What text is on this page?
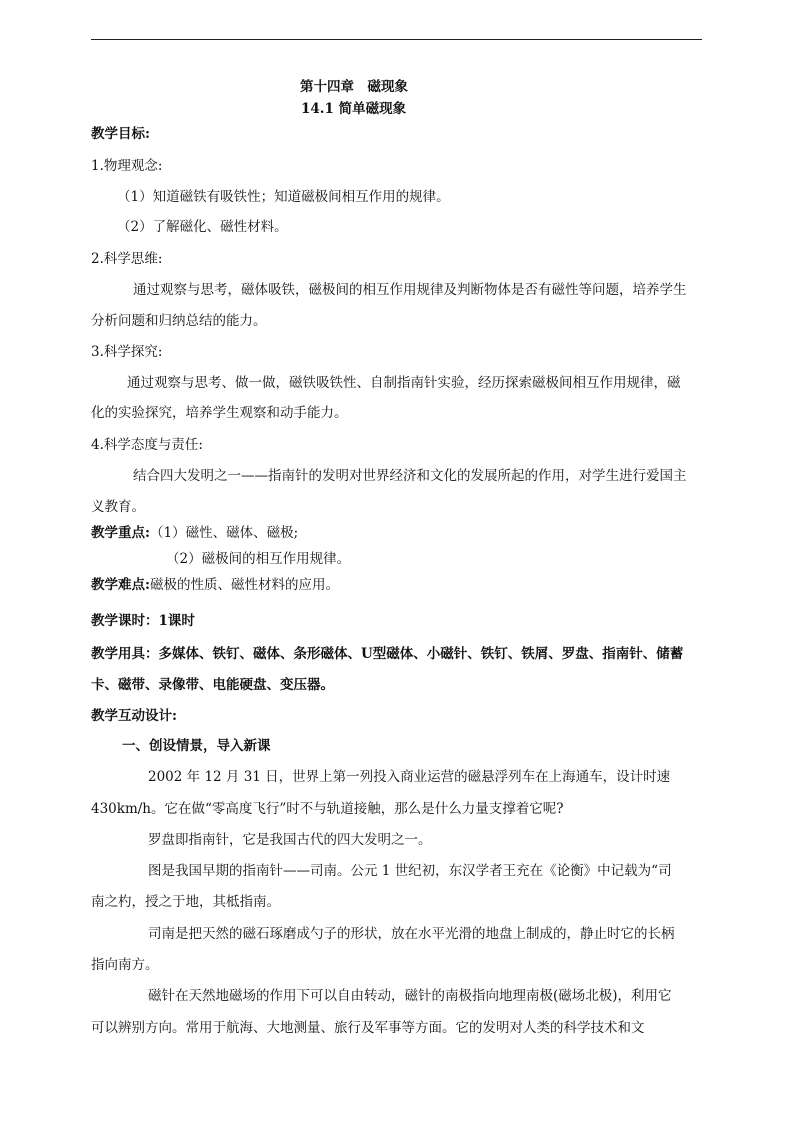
第十四章　磁现象
14.1 简单磁现象
教学目标:
1.物理观念:
（1）知道磁铁有吸铁性；知道磁极间相互作用的规律。
（2）了解磁化、磁性材料。
2.科学思维:
通过观察与思考，磁体吸铁，磁极间的相互作用规律及判断物体是否有磁性等问题，培养学生
分析问题和归纳总结的能力。
3.科学探究:
通过观察与思考、做一做，磁铁吸铁性、自制指南针实验，经历探索磁极间相互作用规律，磁
化的实验探究，培养学生观察和动手能力。
4.科学态度与责任:
结合四大发明之一——指南针的发明对世界经济和文化的发展所起的作用，对学生进行爱国主
义教育。
教学重点:（1）磁性、磁体、磁极;
（2）磁极间的相互作用规律。
教学难点:磁极的性质、磁性材料的应用。
教学课时：1课时
教学用具：多媒体、铁钉、磁体、条形磁体、U型磁体、小磁针、铁钉、铁屑、罗盘、指南针、储蓄
卡、磁带、录像带、电能硬盘、变压器。
教学互动设计:
一、创设情景，导入新课
2002 年 12 月 31 日，世界上第一列投入商业运营的磁悬浮列车在上海通车，设计时速
430km/h。它在做“零高度飞行”时不与轨道接触，那么是什么力量支撑着它呢?
罗盘即指南针，它是我国古代的四大发明之一。
图是我国早期的指南针——司南。公元 1 世纪初，东汉学者王充在《论衡》中记载为“司
南之杓，授之于地，其柢指南。
司南是把天然的磁石琢磨成勺子的形状，放在水平光滑的地盘上制成的，静止时它的长柄
指向南方。
磁针在天然地磁场的作用下可以自由转动，磁针的南极指向地理南极(磁场北极)，利用它
可以辨别方向。常用于航海、大地测量、旅行及军事等方面。它的发明对人类的科学技术和文
